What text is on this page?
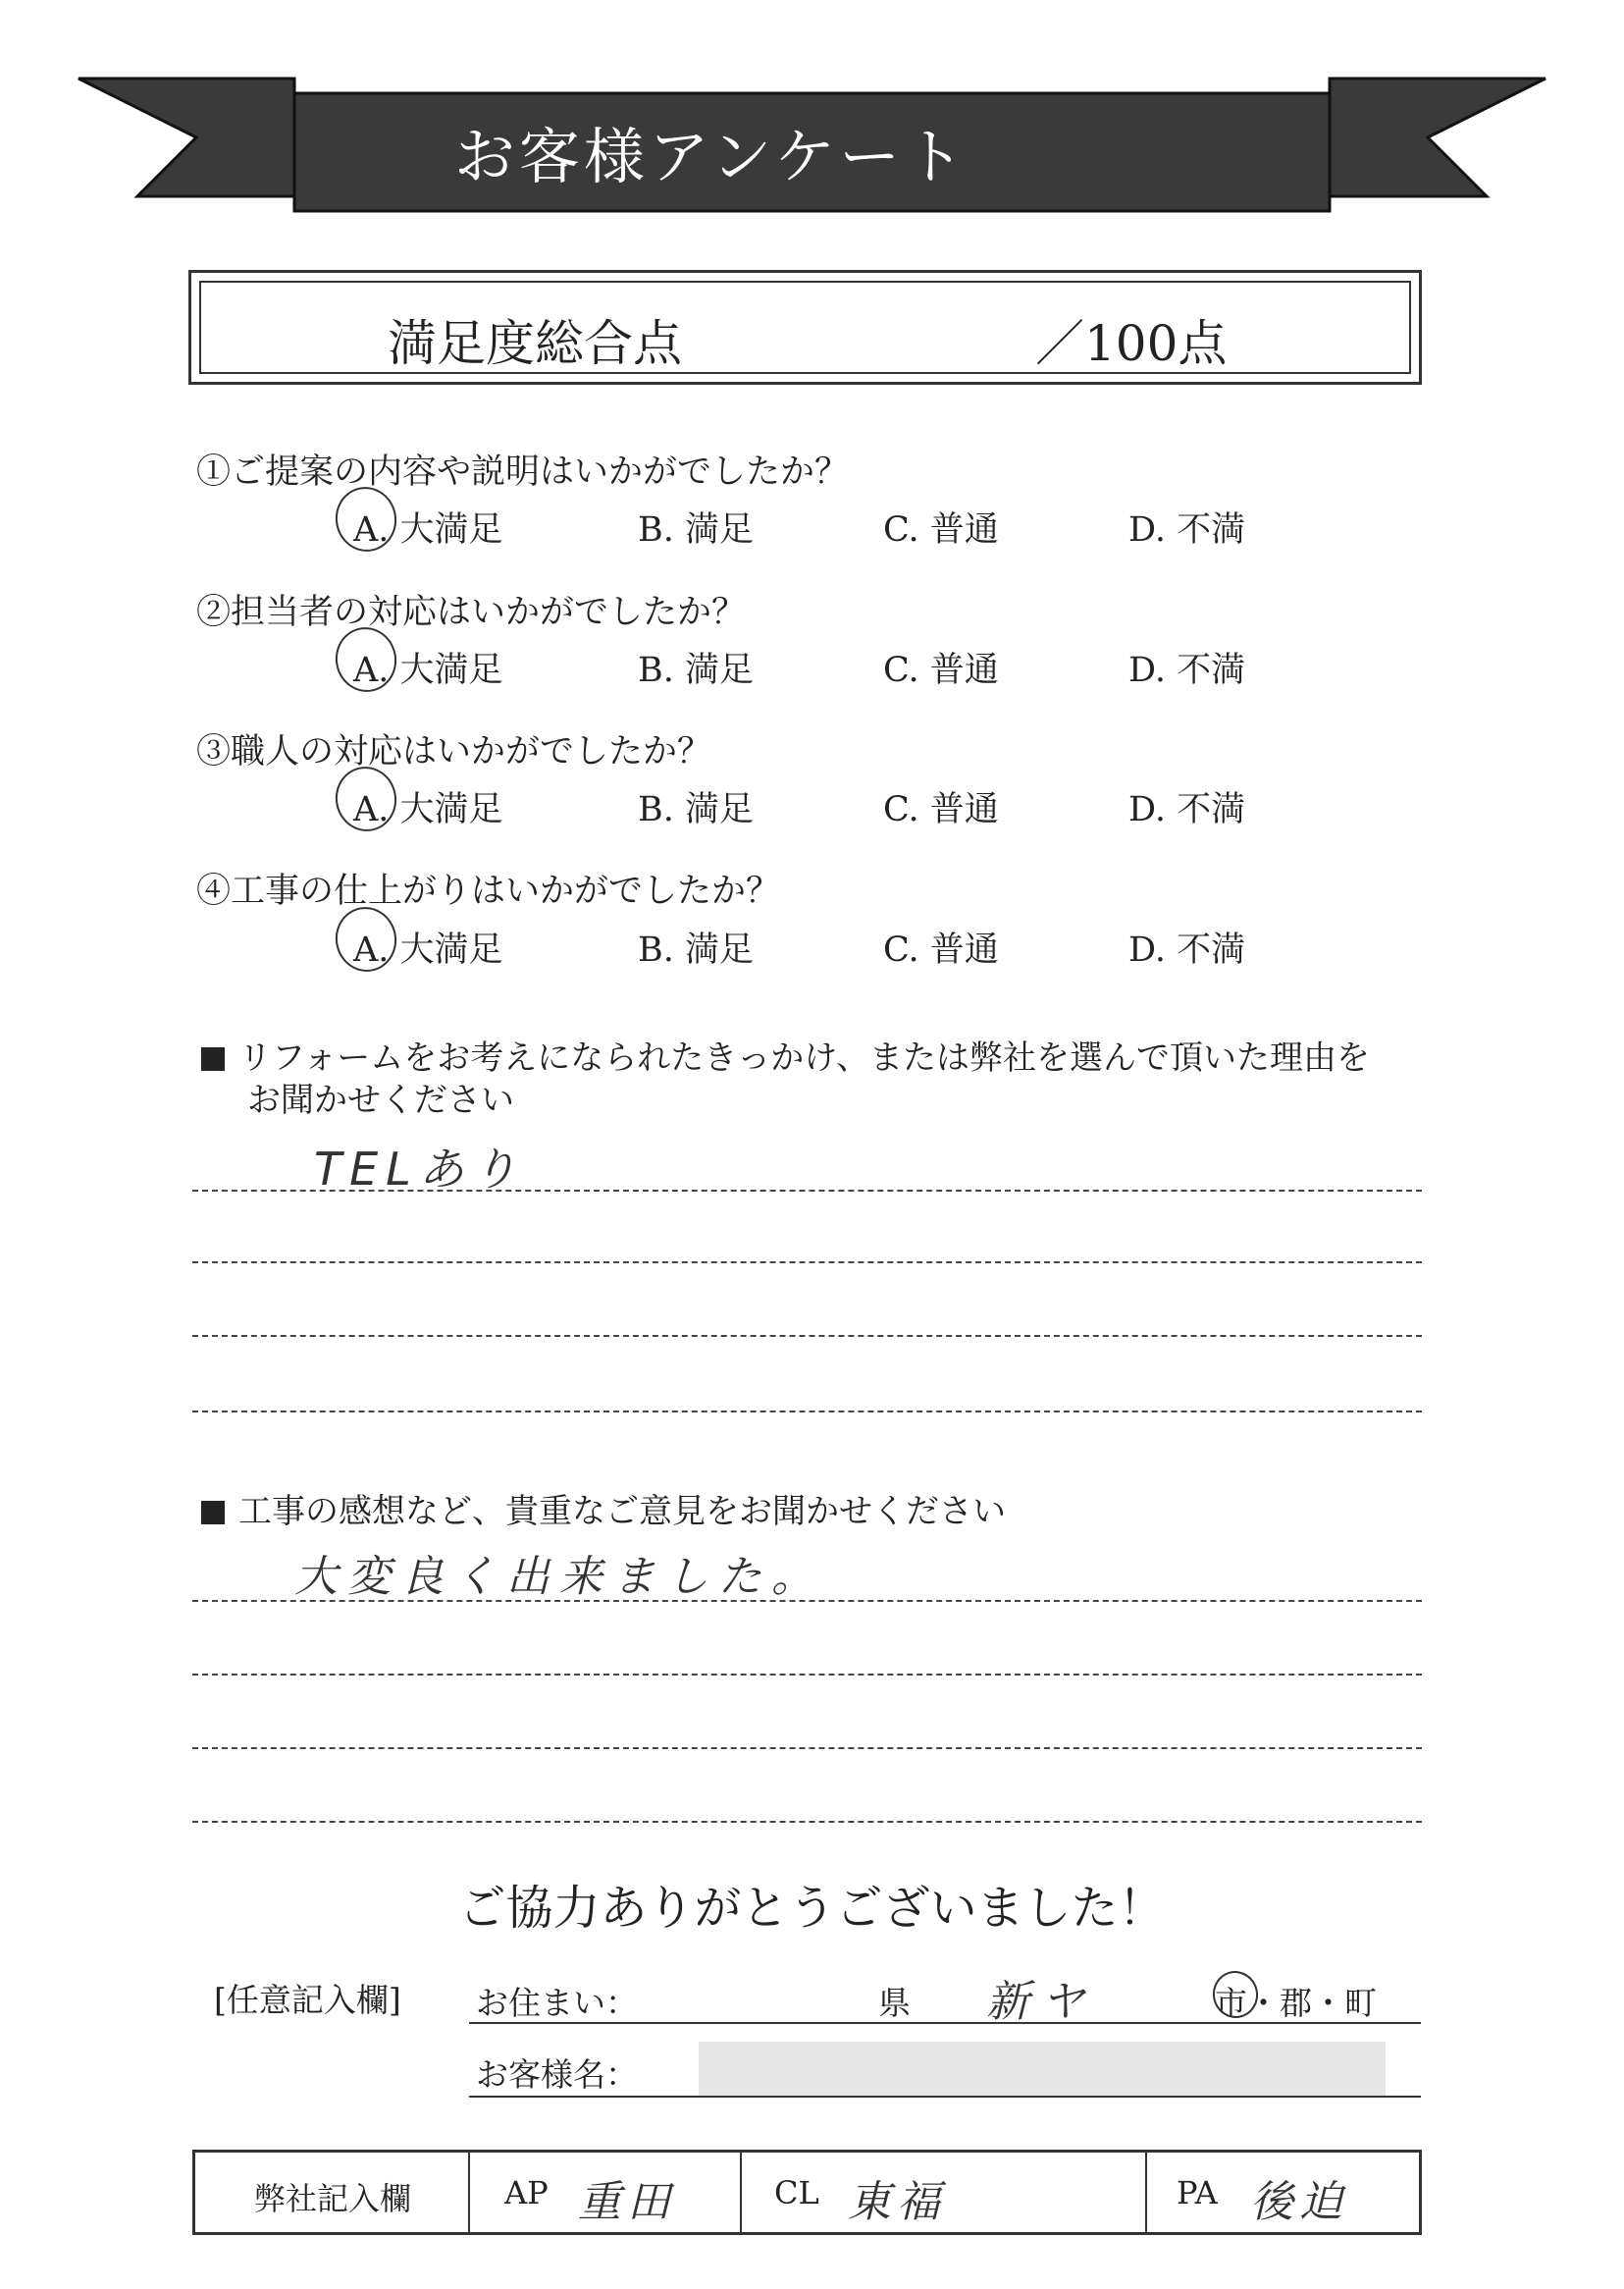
お客様アンケート
満足度総合点	／100点
①ご提案の内容や説明はいかがでしたか？
A. 大満足	B. 満足	C. 普通	D. 不満
②担当者の対応はいかがでしたか？
A. 大満足	B. 満足	C. 普通	D. 不満
③職人の対応はいかがでしたか？
A. 大満足	B. 満足	C. 普通	D. 不満
④工事の仕上がりはいかがでしたか？
A. 大満足	B. 満足	C. 普通	D. 不満
リフォームをお考えになられたきっかけ、または弊社を選んで頂いた理由を
お聞かせください
TELあり
工事の感想など、貴重なご意見をお聞かせください
大変良く出来ました。
ご協力ありがとうございました！
[任意記入欄] お住まい：	県 新ヤ	市・郡・町
お客様名：
弊社記入欄	AP 重田	CL 東福	PA 後迫
